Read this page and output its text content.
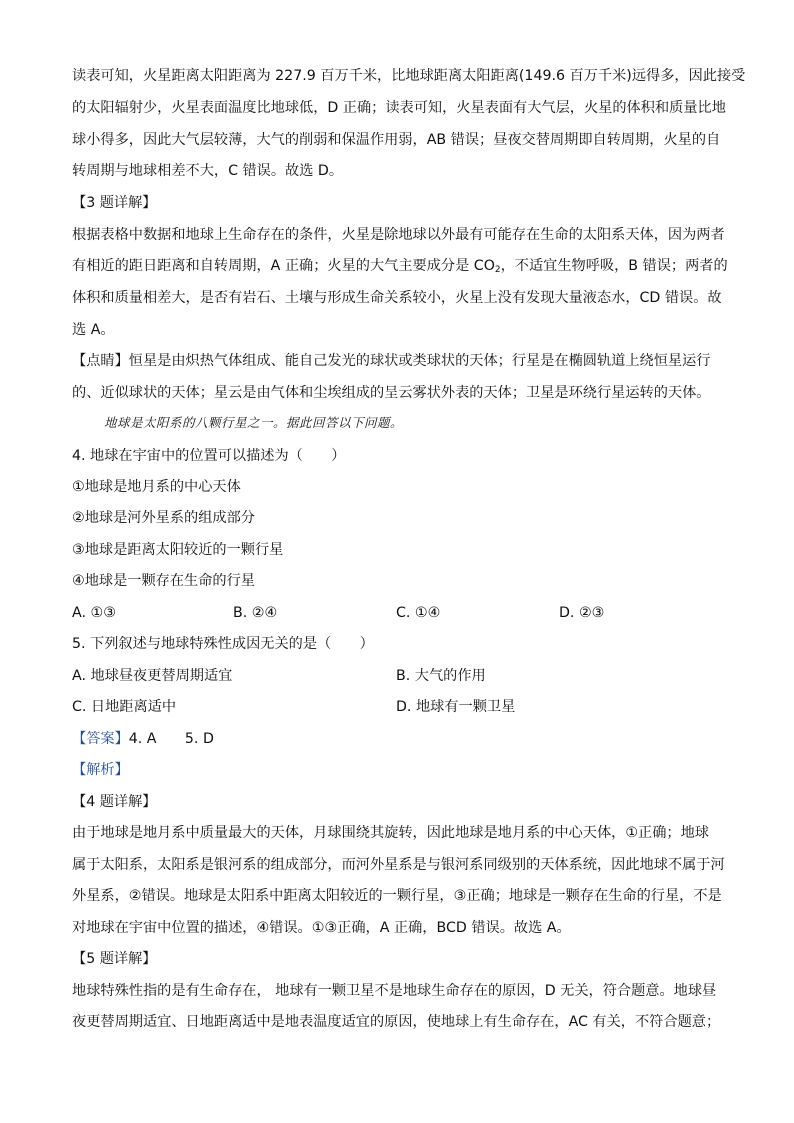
读表可知，火星距离太阳距离为 227.9 百万千米，比地球距离太阳距离(149.6 百万千米)远得多，因此接受
的太阳辐射少，火星表面温度比地球低，D 正确；读表可知，火星表面有大气层，火星的体积和质量比地
球小得多，因此大气层较薄，大气的削弱和保温作用弱，AB 错误；昼夜交替周期即自转周期，火星的自
转周期与地球相差不大，C 错误。故选 D。
【3 题详解】
根据表格中数据和地球上生命存在的条件，火星是除地球以外最有可能存在生命的太阳系天体，因为两者
有相近的距日距离和自转周期，A 正确；火星的大气主要成分是 $CO_2$，不适宜生物呼吸，B 错误；两者的
体积和质量相差大，是否有岩石、土壤与形成生命关系较小，火星上没有发现大量液态水，CD 错误。故
选 A。
【点睛】恒星是由炽热气体组成、能自己发光的球状或类球状的天体；行星是在椭圆轨道上绕恒星运行
的、近似球状的天体；星云是由气体和尘埃组成的呈云雾状外表的天体；卫星是环绕行星运转的天体。
地球是太阳系的八颗行星之一。据此回答以下问题。
4. 地球在宇宙中的位置可以描述为（　　）
①地球是地月系的中心天体
②地球是河外星系的组成部分
③地球是距离太阳较近的一颗行星
④地球是一颗存在生命的行星
A. ①③	B. ②④	C. ①④	D. ②③
5. 下列叙述与地球特殊性成因无关的是（　　）
A. 地球昼夜更替周期适宜	B. 大气的作用
C. 日地距离适中	D. 地球有一颗卫星
【答案】4. A　　5. D
【解析】
【4 题详解】
由于地球是地月系中质量最大的天体，月球围绕其旋转，因此地球是地月系的中心天体，①正确；地球
属于太阳系，太阳系是银河系的组成部分，而河外星系是与银河系同级别的天体系统，因此地球不属于河
外星系，②错误。地球是太阳系中距离太阳较近的一颗行星，③正确；地球是一颗存在生命的行星，不是
对地球在宇宙中位置的描述，④错误。①③正确，A 正确，BCD 错误。故选 A。
【5 题详解】
地球特殊性指的是有生命存在， 地球有一颗卫星不是地球生命存在的原因，D 无关，符合题意。地球昼
夜更替周期适宜、日地距离适中是地表温度适宜的原因，使地球上有生命存在，AC 有关，不符合题意；
